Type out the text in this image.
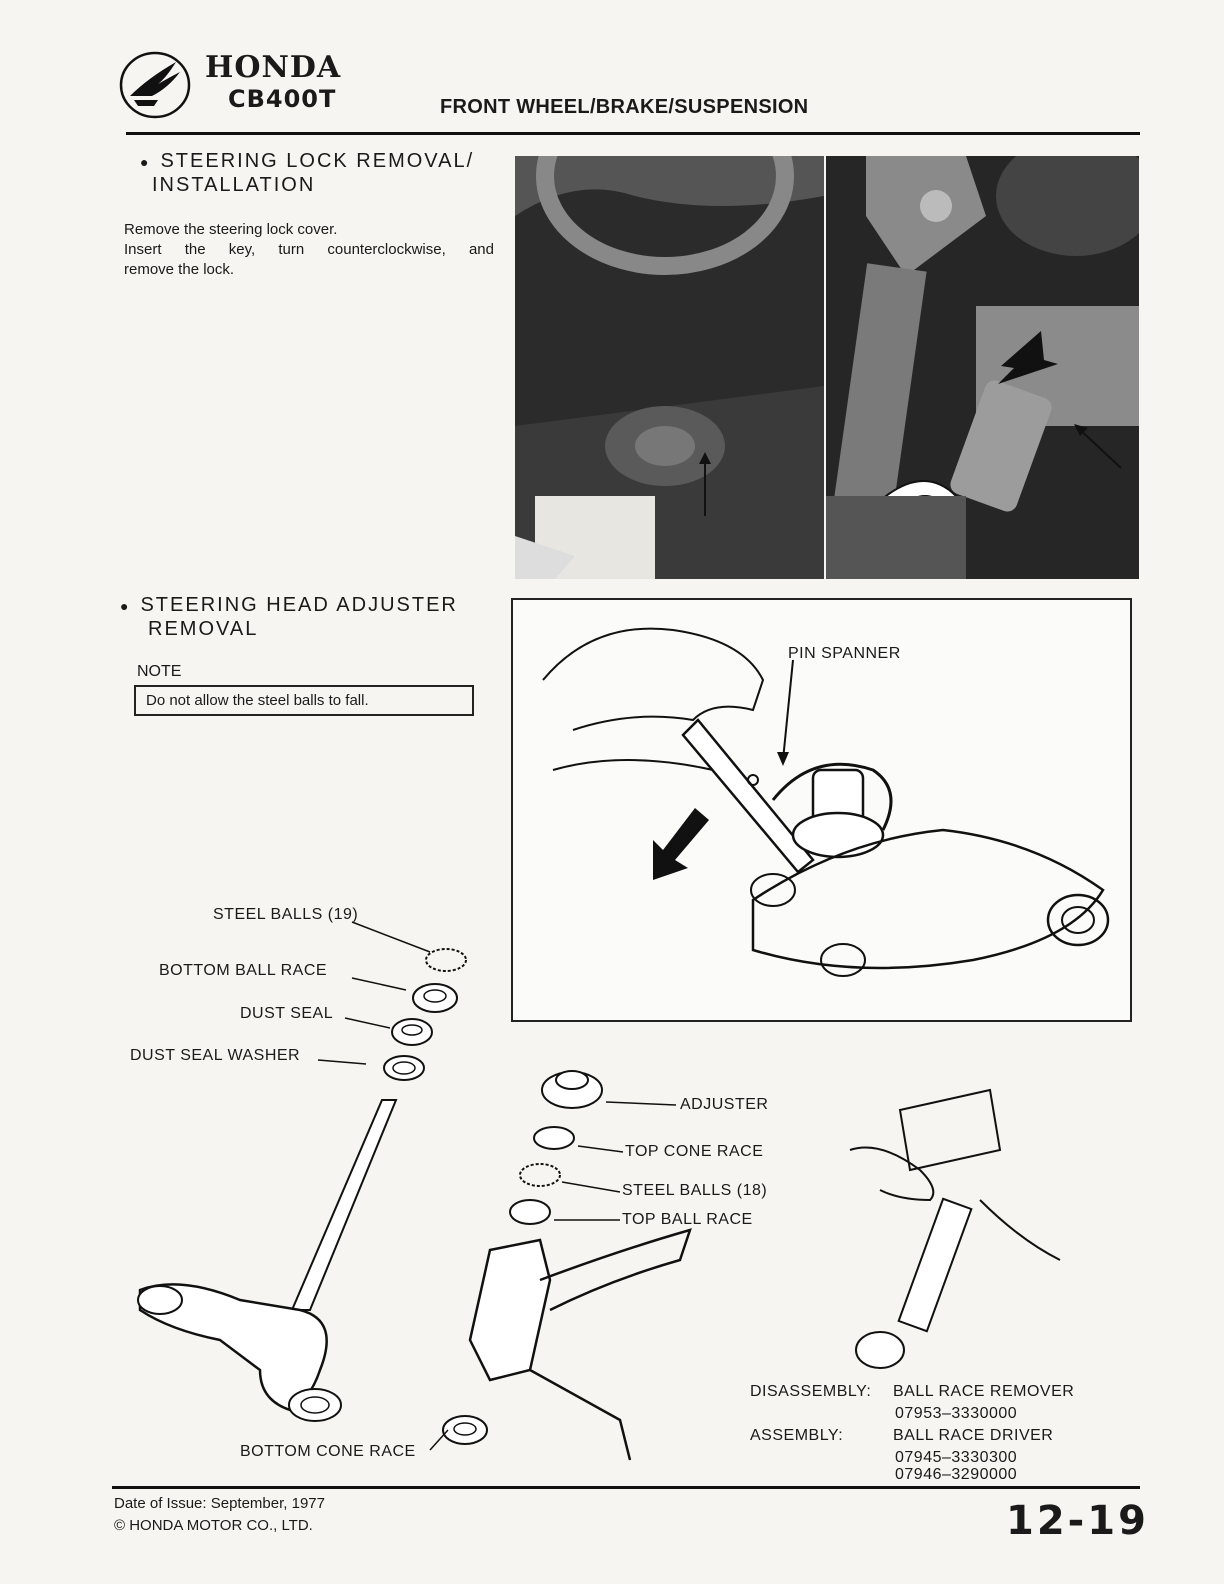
HONDA
CB400T	FRONT WHEEL/BRAKE/SUSPENSION
● STEERING LOCK REMOVAL/
INSTALLATION
Remove the steering lock cover.
Insert the key, turn counterclockwise, and
remove the lock.
● STEERING HEAD ADJUSTER
REMOVAL
NOTE
Do not allow the steel balls to fall.
PIN SPANNER
STEEL BALLS (19)
BOTTOM BALL RACE
DUST SEAL
DUST SEAL WASHER
ADJUSTER
TOP CONE RACE
STEEL BALLS (18)
TOP BALL RACE
BOTTOM CONE RACE
DISASSEMBLY: BALL RACE REMOVER
07953–3330000
ASSEMBLY:	BALL RACE DRIVER
07945–3330300
07946–3290000
Date of Issue: September, 1977
© HONDA MOTOR CO., LTD.	12-19
